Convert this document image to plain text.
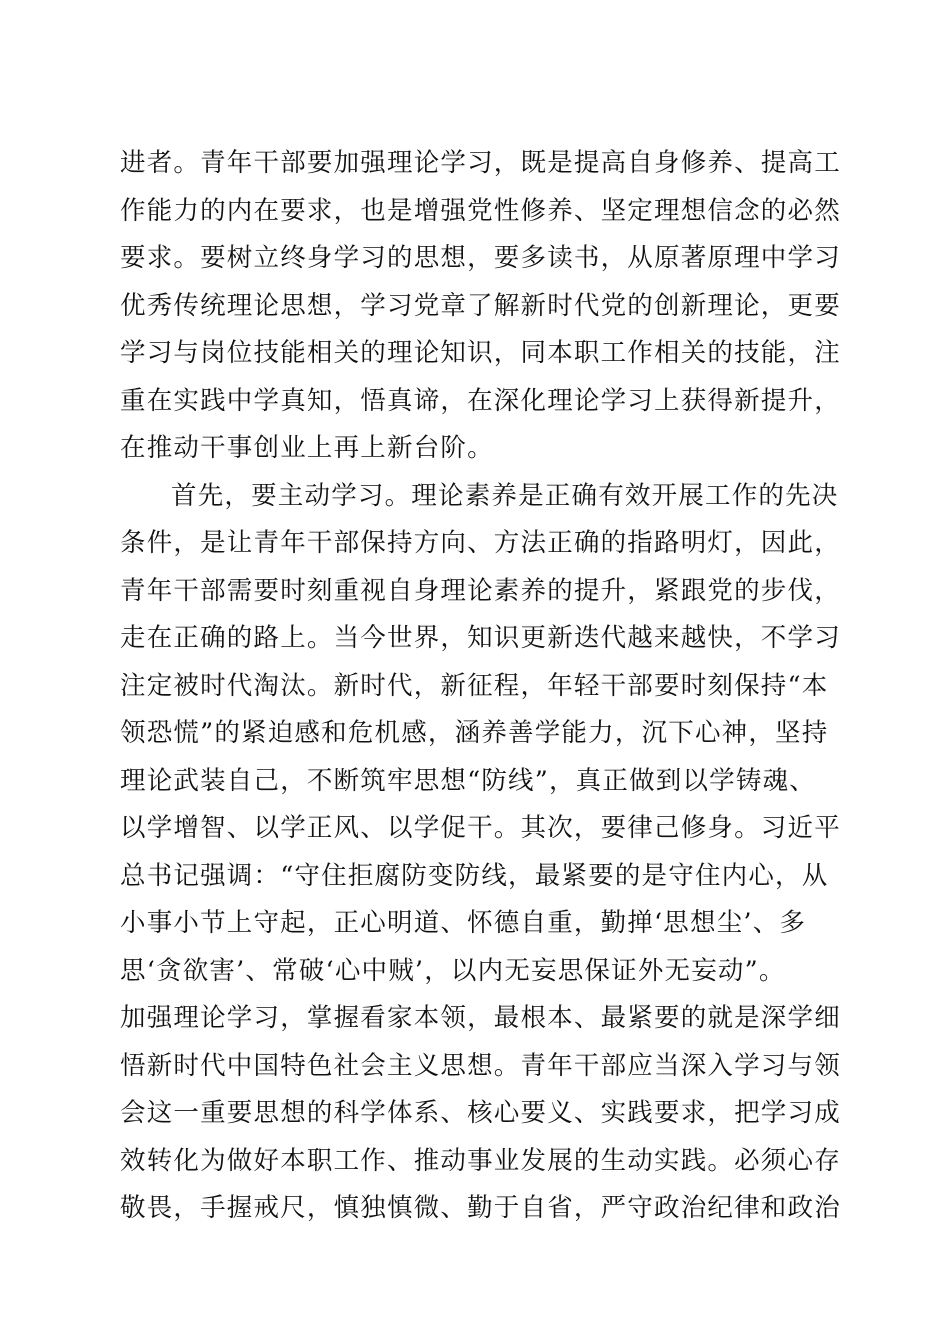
进者。青年干部要加强理论学习，既是提高自身修养、提高工
作能力的内在要求，也是增强党性修养、坚定理想信念的必然
要求。要树立终身学习的思想，要多读书，从原著原理中学习
优秀传统理论思想，学习党章了解新时代党的创新理论，更要
学习与岗位技能相关的理论知识，同本职工作相关的技能，注
重在实践中学真知，悟真谛，在深化理论学习上获得新提升，
在推动干事创业上再上新台阶。
首先，要主动学习。理论素养是正确有效开展工作的先决
条件，是让青年干部保持方向、方法正确的指路明灯，因此，
青年干部需要时刻重视自身理论素养的提升，紧跟党的步伐，
走在正确的路上。当今世界，知识更新迭代越来越快，不学习
注定被时代淘汰。新时代，新征程，年轻干部要时刻保持“本
领恐慌”的紧迫感和危机感，涵养善学能力，沉下心神，坚持
理论武装自己，不断筑牢思想“防线”，真正做到以学铸魂、
以学增智、以学正风、以学促干。其次，要律己修身。习近平
总书记强调：“守住拒腐防变防线，最紧要的是守住内心，从
小事小节上守起，正心明道、怀德自重，勤掸‘思想尘’、多
思‘贪欲害’、常破‘心中贼’，以内无妄思保证外无妄动”。
加强理论学习，掌握看家本领，最根本、最紧要的就是深学细
悟新时代中国特色社会主义思想。青年干部应当深入学习与领
会这一重要思想的科学体系、核心要义、实践要求，把学习成
效转化为做好本职工作、推动事业发展的生动实践。必须心存
敬畏，手握戒尺，慎独慎微、勤于自省，严守政治纪律和政治
